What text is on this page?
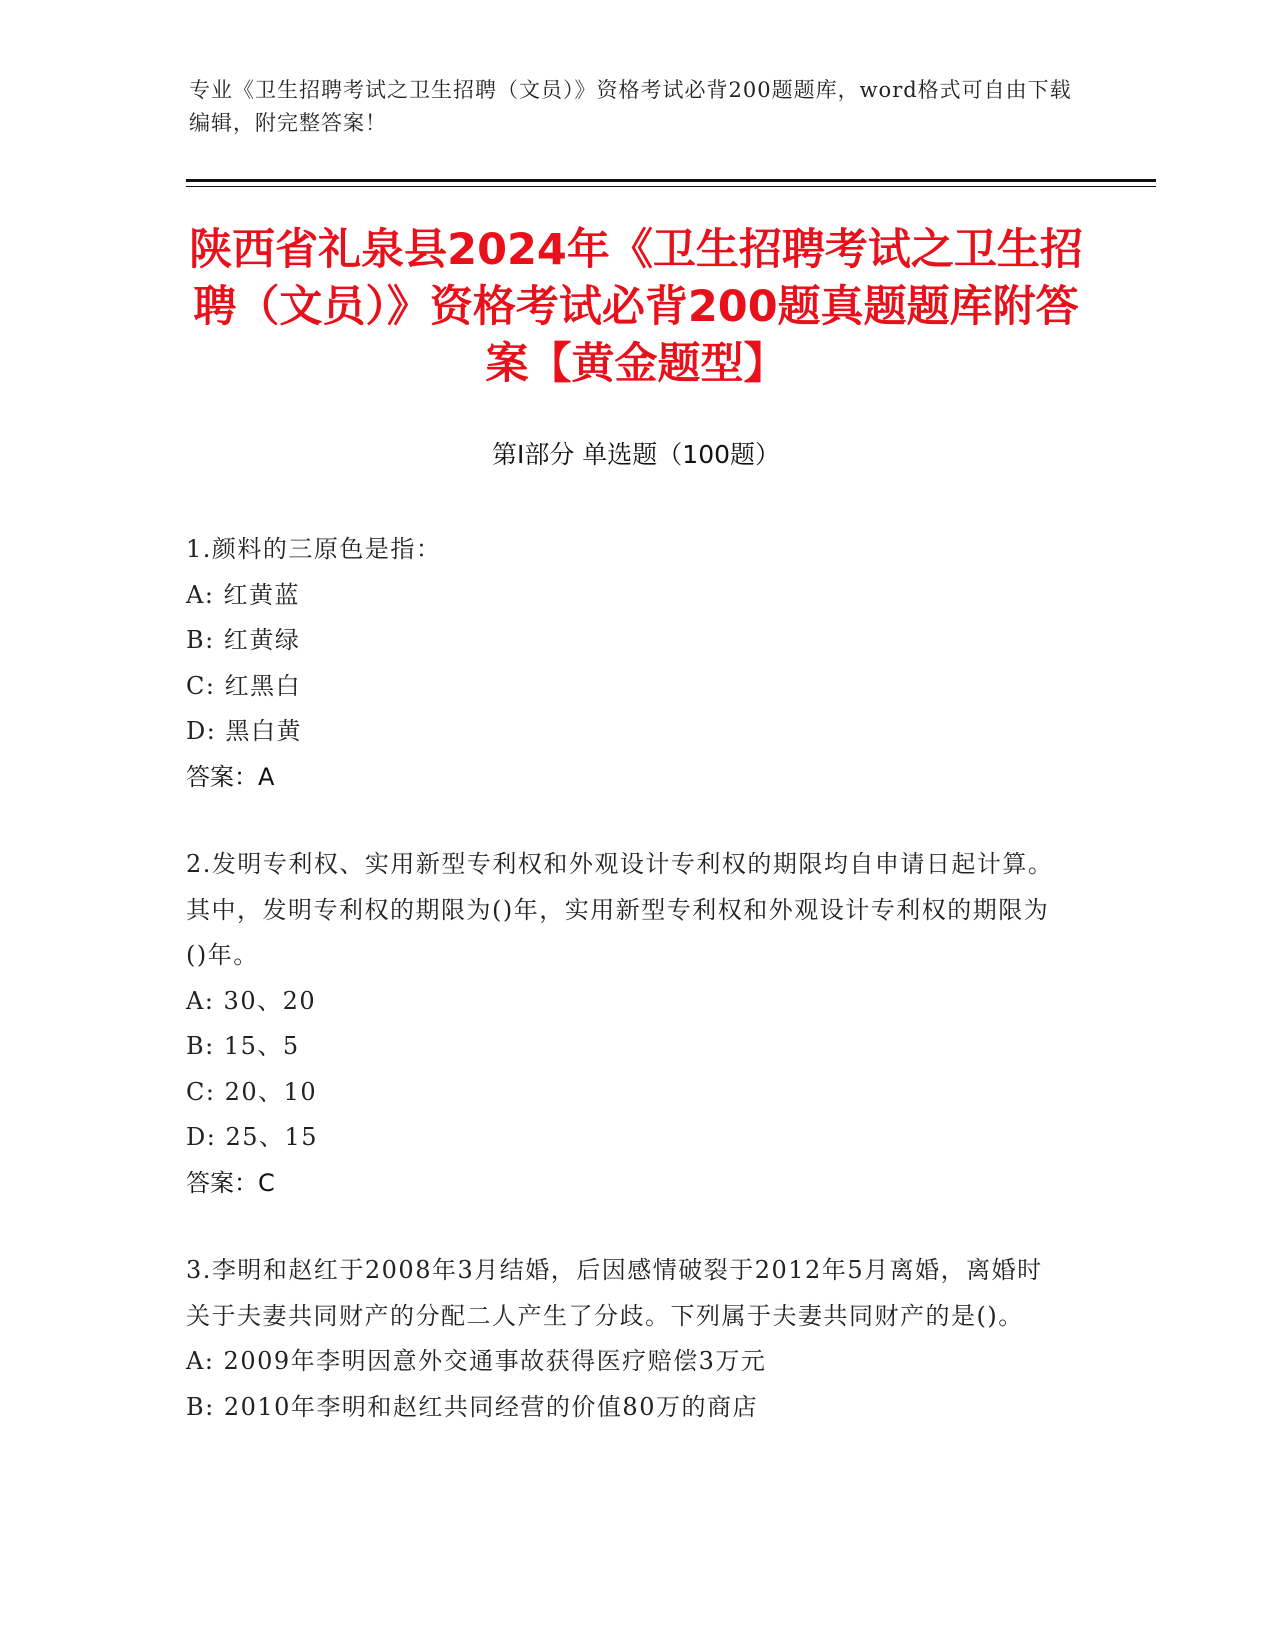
专业《卫生招聘考试之卫生招聘（文员）》资格考试必背200题题库，word格式可自由下载编辑，附完整答案！
陕西省礼泉县2024年《卫生招聘考试之卫生招聘（文员）》资格考试必背200题真题题库附答案【黄金题型】
第I部分 单选题（100题）
1.颜料的三原色是指：
A: 红黄蓝
B: 红黄绿
C: 红黑白
D: 黑白黄
答案：A
2.发明专利权、实用新型专利权和外观设计专利权的期限均自申请日起计算。其中，发明专利权的期限为()年，实用新型专利权和外观设计专利权的期限为()年。
A: 30、20
B: 15、5
C: 20、10
D: 25、15
答案：C
3.李明和赵红于2008年3月结婚，后因感情破裂于2012年5月离婚，离婚时关于夫妻共同财产的分配二人产生了分歧。下列属于夫妻共同财产的是()。
A: 2009年李明因意外交通事故获得医疗赔偿3万元
B: 2010年李明和赵红共同经营的价值80万的商店
